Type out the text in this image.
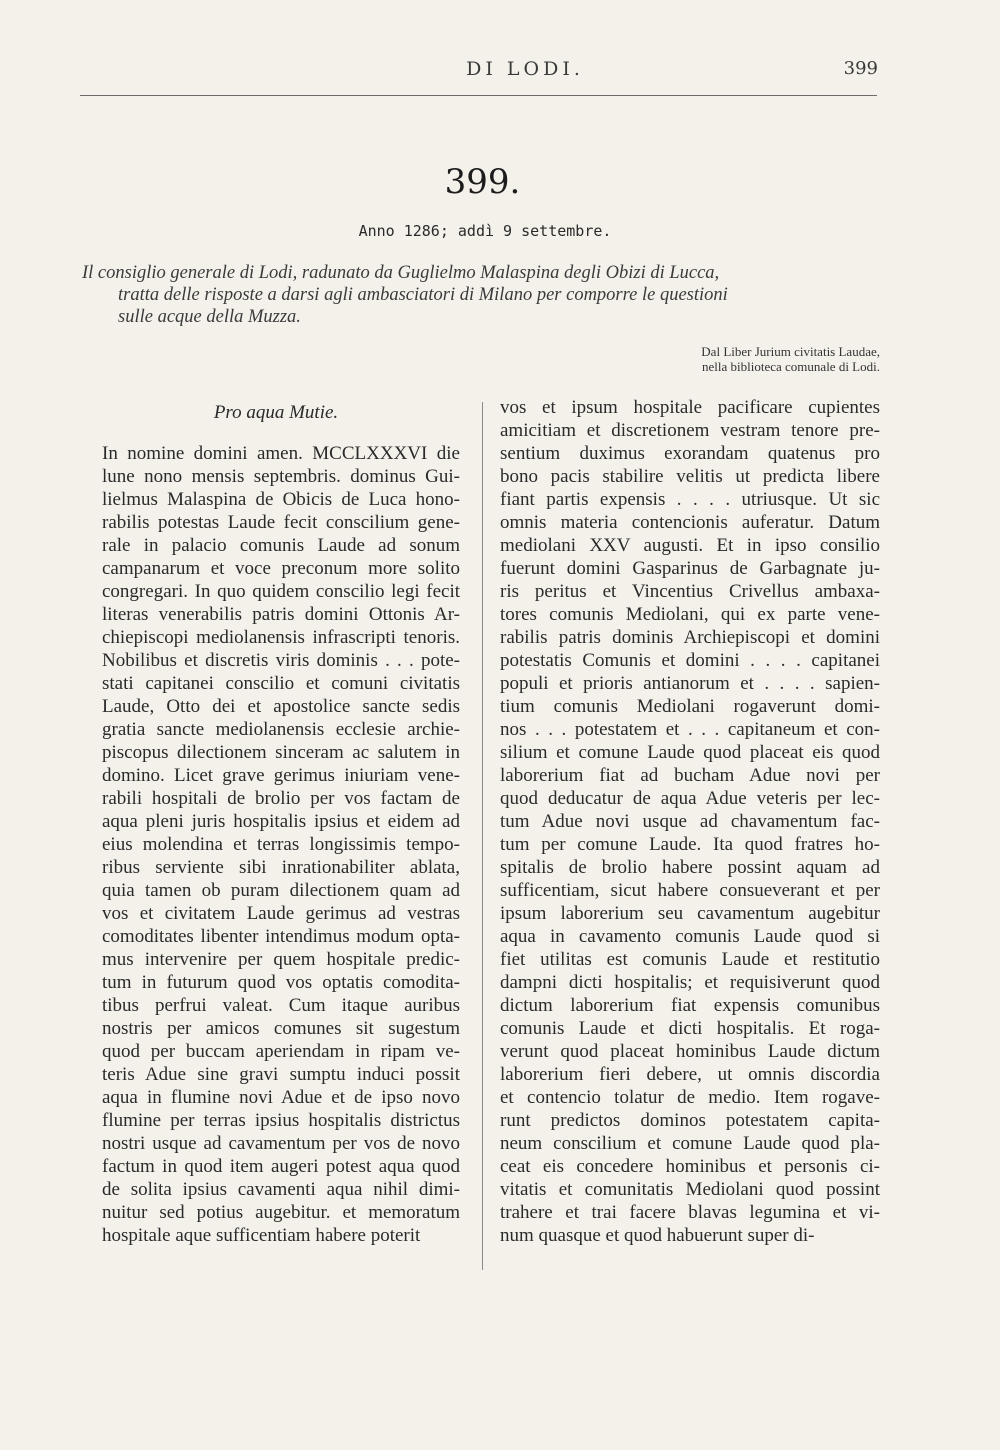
DI LODI.	399
399.
Anno 1286; addì 9 settembre.
Il consiglio generale di Lodi, radunato da Guglielmo Malaspina degli Obizi di Lucca,
tratta delle risposte a darsi agli ambasciatori di Milano per comporre le questioni
sulle acque della Muzza.
Dal Liber Jurium civitatis Laudae,
nella biblioteca comunale di Lodi.
Pro aqua Mutie.
In nomine domini amen. MCCLXXXVI die
lune nono mensis septembris. dominus Gui-
lielmus Malaspina de Obicis de Luca hono-
rabilis potestas Laude fecit conscilium gene-
rale in palacio comunis Laude ad sonum
campanarum et voce preconum more solito
congregari. In quo quidem conscilio legi fecit
literas venerabilis patris domini Ottonis Ar-
chiepiscopi mediolanensis infrascripti tenoris.
Nobilibus et discretis viris dominis . . . pote-
stati capitanei conscilio et comuni civitatis
Laude, Otto dei et apostolice sancte sedis
gratia sancte mediolanensis ecclesie archie-
piscopus dilectionem sinceram ac salutem in
domino. Licet grave gerimus iniuriam vene-
rabili hospitali de brolio per vos factam de
aqua pleni juris hospitalis ipsius et eidem ad
eius molendina et terras longissimis tempo-
ribus serviente sibi inrationabiliter ablata,
quia tamen ob puram dilectionem quam ad
vos et civitatem Laude gerimus ad vestras
comoditates libenter intendimus modum opta-
mus intervenire per quem hospitale predic-
tum in futurum quod vos optatis comodita-
tibus perfrui valeat. Cum itaque auribus
nostris per amicos comunes sit sugestum
quod per buccam aperiendam in ripam ve-
teris Adue sine gravi sumptu induci possit
aqua in flumine novi Adue et de ipso novo
flumine per terras ipsius hospitalis districtus
nostri usque ad cavamentum per vos de novo
factum in quod item augeri potest aqua quod
de solita ipsius cavamenti aqua nihil dimi-
nuitur sed potius augebitur. et memoratum
hospitale aque sufficentiam habere poterit
vos et ipsum hospitale pacificare cupientes
amicitiam et discretionem vestram tenore pre-
sentium duximus exorandam quatenus pro
bono pacis stabilire velitis ut predicta libere
fiant partis expensis . . . . utriusque. Ut sic
omnis materia contencionis auferatur. Datum
mediolani XXV augusti. Et in ipso consilio
fuerunt domini Gasparinus de Garbagnate ju-
ris peritus et Vincentius Crivellus ambaxa-
tores comunis Mediolani, qui ex parte vene-
rabilis patris dominis Archiepiscopi et domini
potestatis Comunis et domini . . . . capitanei
populi et prioris antianorum et . . . . sapien-
tium comunis Mediolani rogaverunt domi-
nos . . . potestatem et . . . capitaneum et con-
silium et comune Laude quod placeat eis quod
laborerium fiat ad bucham Adue novi per
quod deducatur de aqua Adue veteris per lec-
tum Adue novi usque ad chavamentum fac-
tum per comune Laude. Ita quod fratres ho-
spitalis de brolio habere possint aquam ad
sufficentiam, sicut habere consueverant et per
ipsum laborerium seu cavamentum augebitur
aqua in cavamento comunis Laude quod si
fiet utilitas est comunis Laude et restitutio
dampni dicti hospitalis; et requisiverunt quod
dictum laborerium fiat expensis comunibus
comunis Laude et dicti hospitalis. Et roga-
verunt quod placeat hominibus Laude dictum
laborerium fieri debere, ut omnis discordia
et contencio tolatur de medio. Item rogave-
runt predictos dominos potestatem capita-
neum conscilium et comune Laude quod pla-
ceat eis concedere hominibus et personis ci-
vitatis et comunitatis Mediolani quod possint
trahere et trai facere blavas legumina et vi-
num quasque et quod habuerunt super di-
